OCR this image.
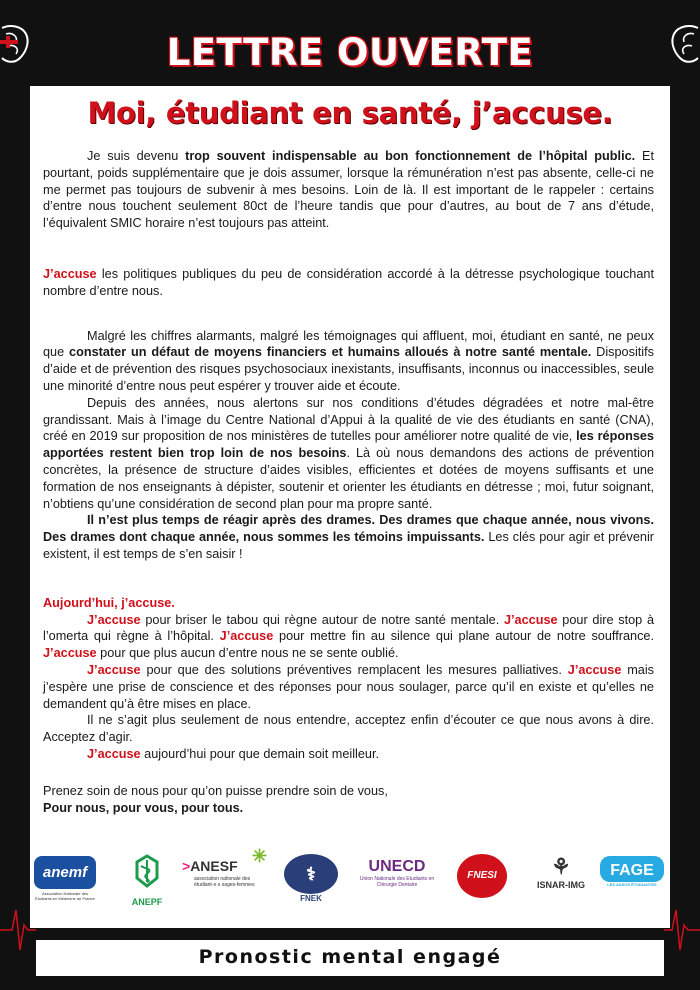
LETTRE OUVERTE
Moi, étudiant en santé, j’accuse.

Je suis devenu trop souvent indispensable au bon fonctionnement de l’hôpital public. Et pourtant, poids supplémentaire que je dois assumer, lorsque la rémunération n’est pas absente, celle-ci ne me permet pas toujours de subvenir à mes besoins. Loin de là. Il est important de le rappeler : certains d’entre nous touchent seulement 80ct de l’heure tandis que pour d’autres, au bout de 7 ans d’étude, l’équivalent SMIC horaire n’est toujours pas atteint.

J’accuse les politiques publiques du peu de considération accordé à la détresse psychologique touchant nombre d’entre nous.

Malgré les chiffres alarmants, malgré les témoignages qui affluent, moi, étudiant en santé, ne peux que constater un défaut de moyens financiers et humains alloués à notre santé mentale. Dispositifs d’aide et de prévention des risques psychosociaux inexistants, insuffisants, inconnus ou inaccessibles, seule une minorité d’entre nous peut espérer y trouver aide et écoute.

Depuis des années, nous alertons sur nos conditions d’études dégradées et notre mal-être grandissant. Mais à l’image du Centre National d’Appui à la qualité de vie des étudiants en santé (CNA), créé en 2019 sur proposition de nos ministères de tutelles pour améliorer notre qualité de vie, les réponses apportées restent bien trop loin de nos besoins. Là où nous demandons des actions de prévention concrètes, la présence de structure d’aides visibles, efficientes et dotées de moyens suffisants et une formation de nos enseignants à dépister, soutenir et orienter les étudiants en détresse ; moi, futur soignant, n’obtiens qu’une considération de second plan pour ma propre santé.

Il n’est plus temps de réagir après des drames. Des drames que chaque année, nous vivons. Des drames dont chaque année, nous sommes les témoins impuissants. Les clés pour agir et prévenir existent, il est temps de s’en saisir !

Aujourd’hui, j’accuse.

J’accuse pour briser le tabou qui règne autour de notre santé mentale. J’accuse pour dire stop à l’omerta qui règne à l’hôpital. J’accuse pour mettre fin au silence qui plane autour de notre souffrance. J’accuse pour que plus aucun d’entre nous ne se sente oublié.

J’accuse pour que des solutions préventives remplacent les mesures palliatives. J’accuse mais j’espère une prise de conscience et des réponses pour nous soulager, parce qu’il en existe et qu’elles ne demandent qu’à être mises en place.

Il ne s’agit plus seulement de nous entendre, acceptez enfin d’écouter ce que nous avons à dire. Acceptez d’agir.

J’accuse aujourd’hui pour que demain soit meilleur.

Prenez soin de nous pour qu’on puisse prendre soin de vous,

Pour nous, pour vous, pour tous.

anemf
Association Nationale des Étudiants en Médecine de France	ANEPF
>ANESF ✳
association nationale des étudiant·e·s sages-femmes
⚕
FNEK
UNECD
Union Nationale des Etudiants en Chirurgie Dentaire
FNESI	⚘
ISNAR-IMG
FAGE
LES ASSOS ÉTUDIANTES
Pronostic mental engagé
